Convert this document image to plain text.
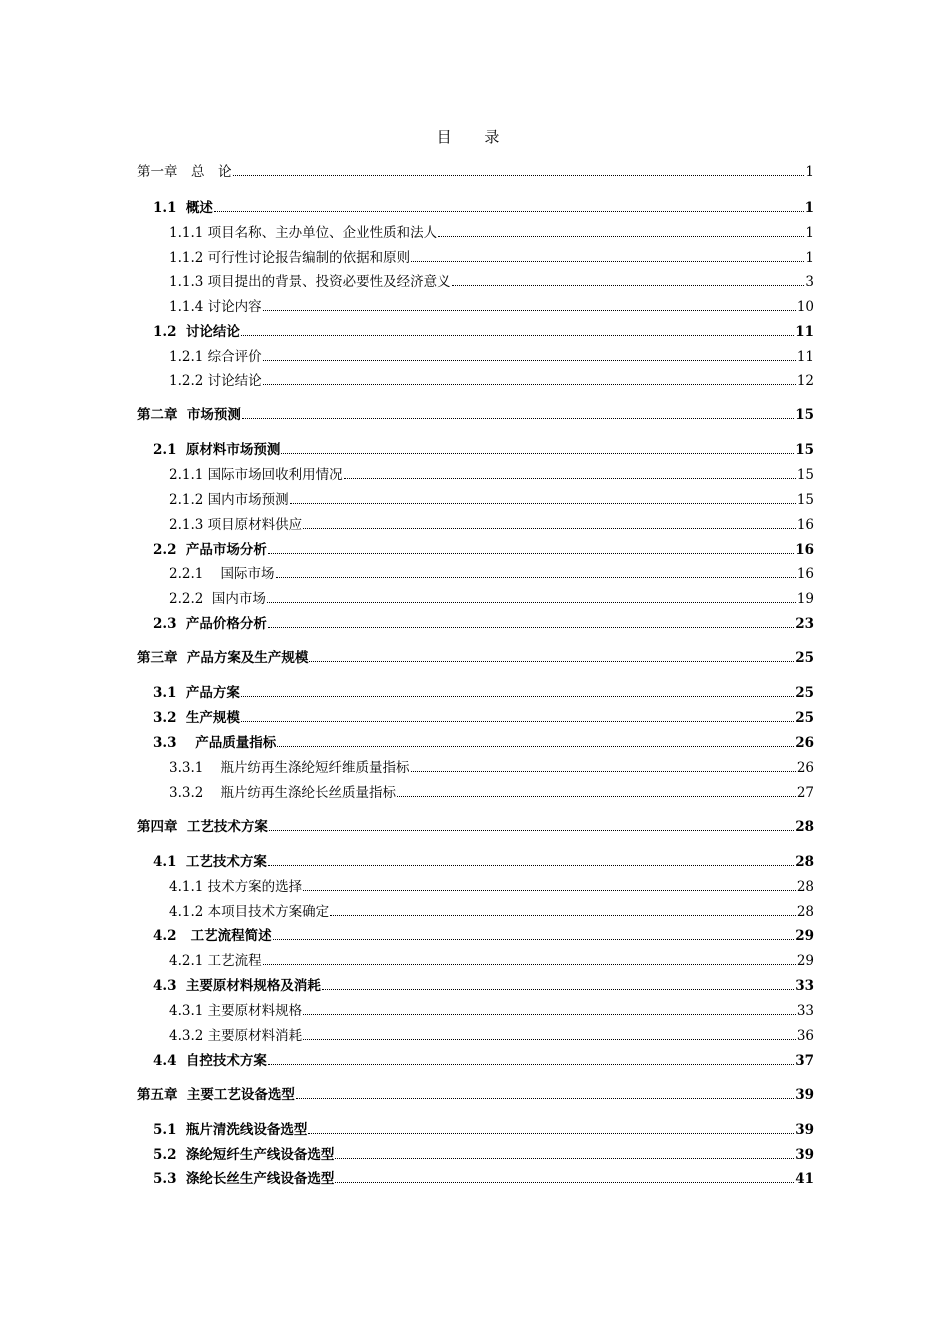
目 录
第一章　总　论	1
1.1  概述	1
1.1.1 项目名称、主办单位、企业性质和法人	1
1.1.2 可行性讨论报告编制的依据和原则	1
1.1.3 项目提出的背景、投资必要性及经济意义	3
1.1.4 讨论内容	10
1.2  讨论结论	11
1.2.1 综合评价	11
1.2.2 讨论结论	12
第二章  市场预测	15
2.1  原材料市场预测	15
2.1.1 国际市场回收利用情况	15
2.1.2 国内市场预测	15
2.1.3 项目原材料供应	16
2.2  产品市场分析	16
2.2.1    国际市场	16
2.2.2  国内市场	19
2.3  产品价格分析	23
第三章  产品方案及生产规模	25
3.1  产品方案	25
3.2  生产规模	25
3.3    产品质量指标	26
3.3.1    瓶片纺再生涤纶短纤维质量指标	26
3.3.2    瓶片纺再生涤纶长丝质量指标	27
第四章  工艺技术方案	28
4.1  工艺技术方案	28
4.1.1 技术方案的选择	28
4.1.2 本项目技术方案确定	28
4.2   工艺流程简述	29
4.2.1 工艺流程	29
4.3  主要原材料规格及消耗	33
4.3.1 主要原材料规格	33
4.3.2 主要原材料消耗	36
4.4  自控技术方案	37
第五章  主要工艺设备选型	39
5.1  瓶片清洗线设备选型	39
5.2  涤纶短纤生产线设备选型	39
5.3  涤纶长丝生产线设备选型	41
